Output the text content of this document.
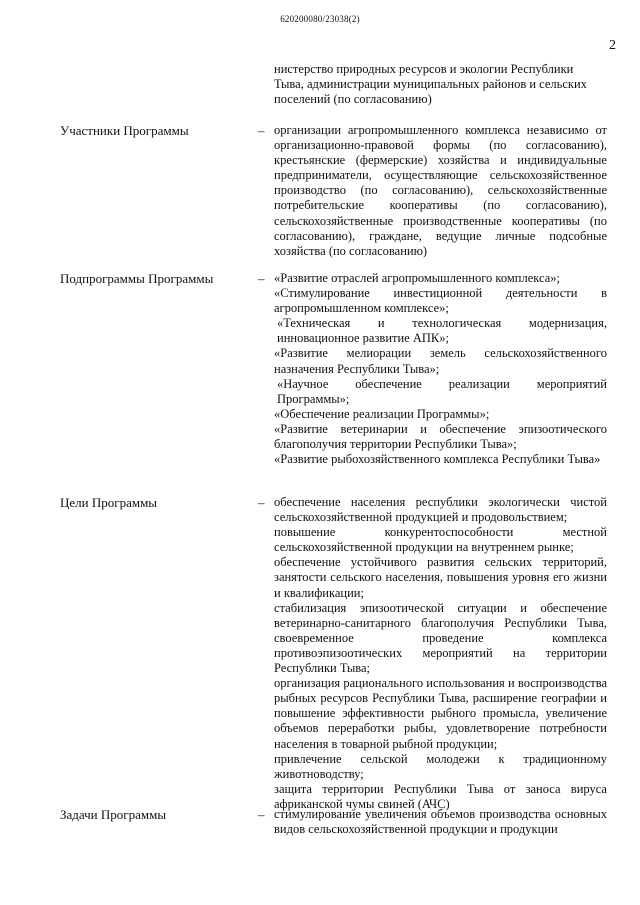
620200080/23038(2)
2

нистерство природных ресурсов и экологии Республики

Тыва, администрации муниципальных районов и сельских

поселений (по согласованию)

Участники Программы	– организации агропромышленного комплекса независимо от организационно-правовой формы (по согласованию), крестьянские (фермерские) хозяйства и индивидуальные предприниматели, осуществляющие сельскохозяйственное производство (по согласованию), сельскохозяйственные потребительские кооперативы (по согласованию), сельскохозяйственные производственные кооперативы (по согласованию), граждане, ведущие личные подсобные хозяйства (по согласованию)

Подпрограммы Программы	– «Развитие отраслей агропромышленного комплекса»;

«Стимулирование инвестиционной деятельности в агропромышленном комплексе»;

«Техническая и технологическая модернизация, инновационное развитие АПК»;

«Развитие мелиорации земель сельскохозяйственного назначения Республики Тыва»;

«Научное обеспечение реализации мероприятий Программы»;

«Обеспечение реализации Программы»;

«Развитие ветеринарии и обеспечение эпизоотического благополучия территории Республики Тыва»;

«Развитие рыбохозяйственного комплекса Республики Тыва»

Цели Программы	– обеспечение населения республики экологически чистой сельскохозяйственной продукцией и продовольствием;

повышение конкурентоспособности местной сельскохозяйственной продукции на внутреннем рынке;

обеспечение устойчивого развития сельских территорий, занятости сельского населения, повышения уровня его жизни и квалификации;

стабилизация эпизоотической ситуации и обеспечение ветеринарно-санитарного благополучия Республики Тыва, своевременное проведение комплекса противоэпизоотических мероприятий на территории Республики Тыва;

организация рационального использования и воспроизводства рыбных ресурсов Республики Тыва, расширение географии и повышение эффективности рыбного промысла, увеличение объемов переработки рыбы, удовлетворение потребности населения в товарной рыбной продукции;

привлечение сельской молодежи к традиционному животноводству;

защита территории Республики Тыва от заноса вируса африканской чумы свиней (АЧС)

Задачи Программы	– стимулирование увеличения объемов производства основных видов сельскохозяйственной продукции и продукции
